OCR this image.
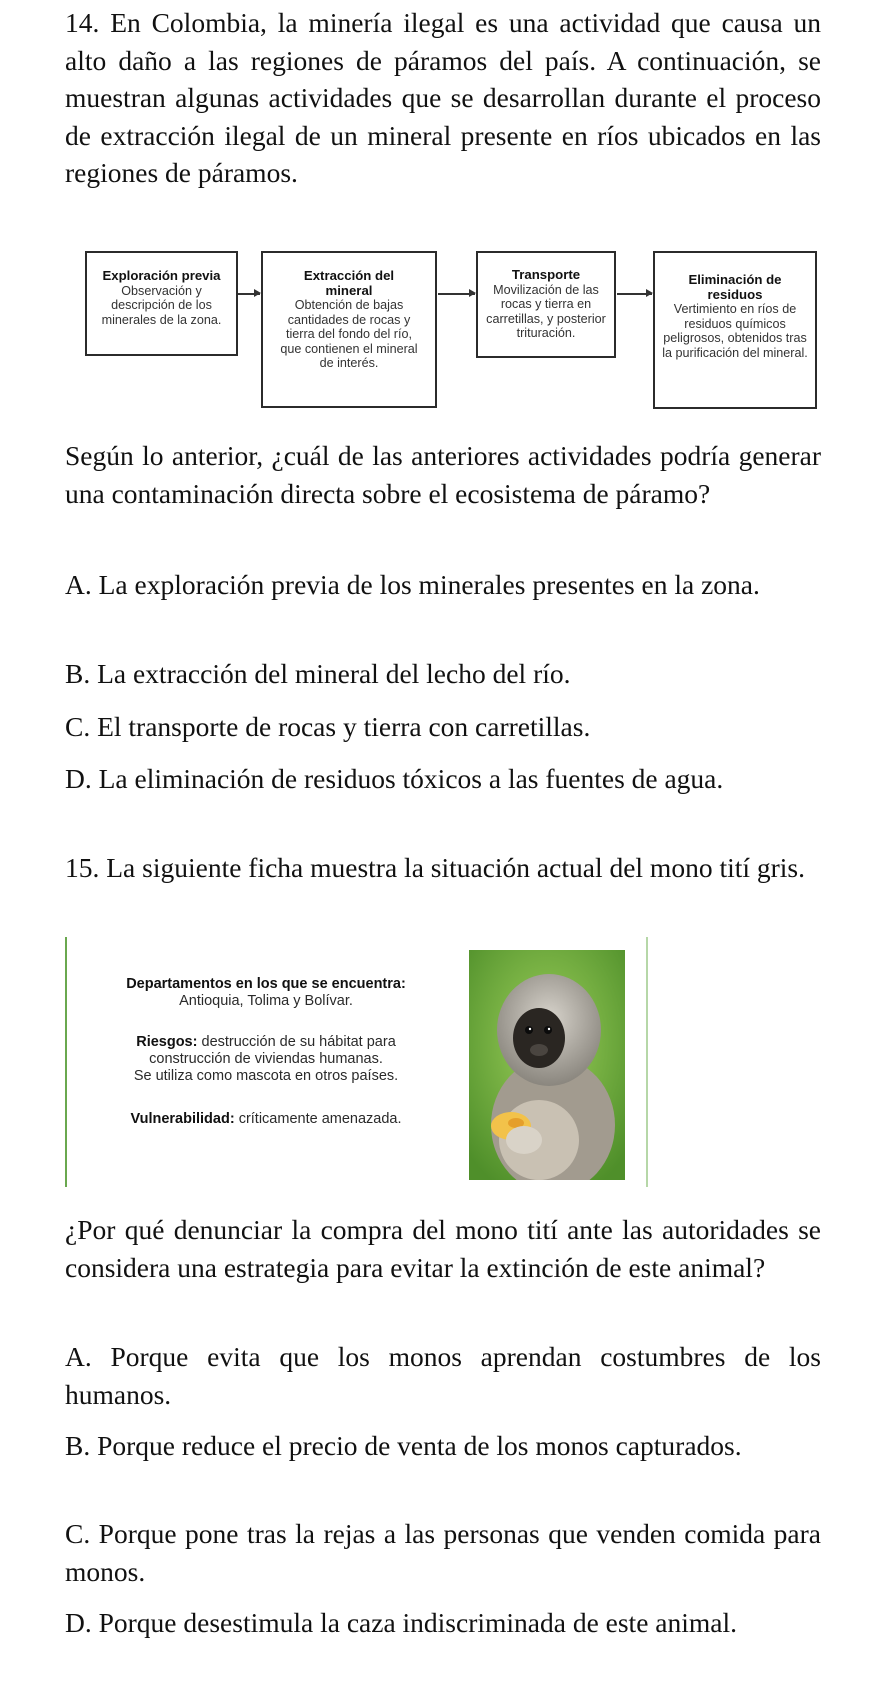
14. En Colombia, la minería ilegal es una actividad que causa un alto daño a las regiones de páramos del país. A continuación, se muestran algunas actividades que se desarrollan durante el proceso de extracción ilegal de un mineral presente en ríos ubicados en las regiones de páramos.

Exploración previa
Observación y descripción de los minerales de la zona.
Extracción del mineral
Obtención de bajas cantidades de rocas y tierra del fondo del río, que contienen el mineral de interés.
Transporte
Movilización de las rocas y tierra en carretillas, y posterior trituración.
Eliminación de residuos
Vertimiento en ríos de residuos químicos peligrosos, obtenidos tras la purificación del mineral.

Según lo anterior, ¿cuál de las anteriores actividades podría generar una contaminación directa sobre el ecosistema de páramo?

A. La exploración previa de los minerales presentes en la zona.

B. La extracción del mineral del lecho del río.

C. El transporte de rocas y tierra con carretillas.

D. La eliminación de residuos tóxicos a las fuentes de agua.

15. La siguiente ficha muestra la situación actual del mono tití gris.

Departamentos en los que se encuentra:
Antioquia, Tolima y Bolívar.
Riesgos: destrucción de su hábitat para construcción de viviendas humanas.
Se utiliza como mascota en otros países.
Vulnerabilidad: críticamente amenazada.

¿Por qué denunciar la compra del mono tití ante las autoridades se considera una estrategia para evitar la extinción de este animal?

A. Porque evita que los monos aprendan costumbres de los humanos.

B. Porque reduce el precio de venta de los monos capturados.

C. Porque pone tras la rejas a las personas que venden comida para monos.

D. Porque desestimula la caza indiscriminada de este animal.
